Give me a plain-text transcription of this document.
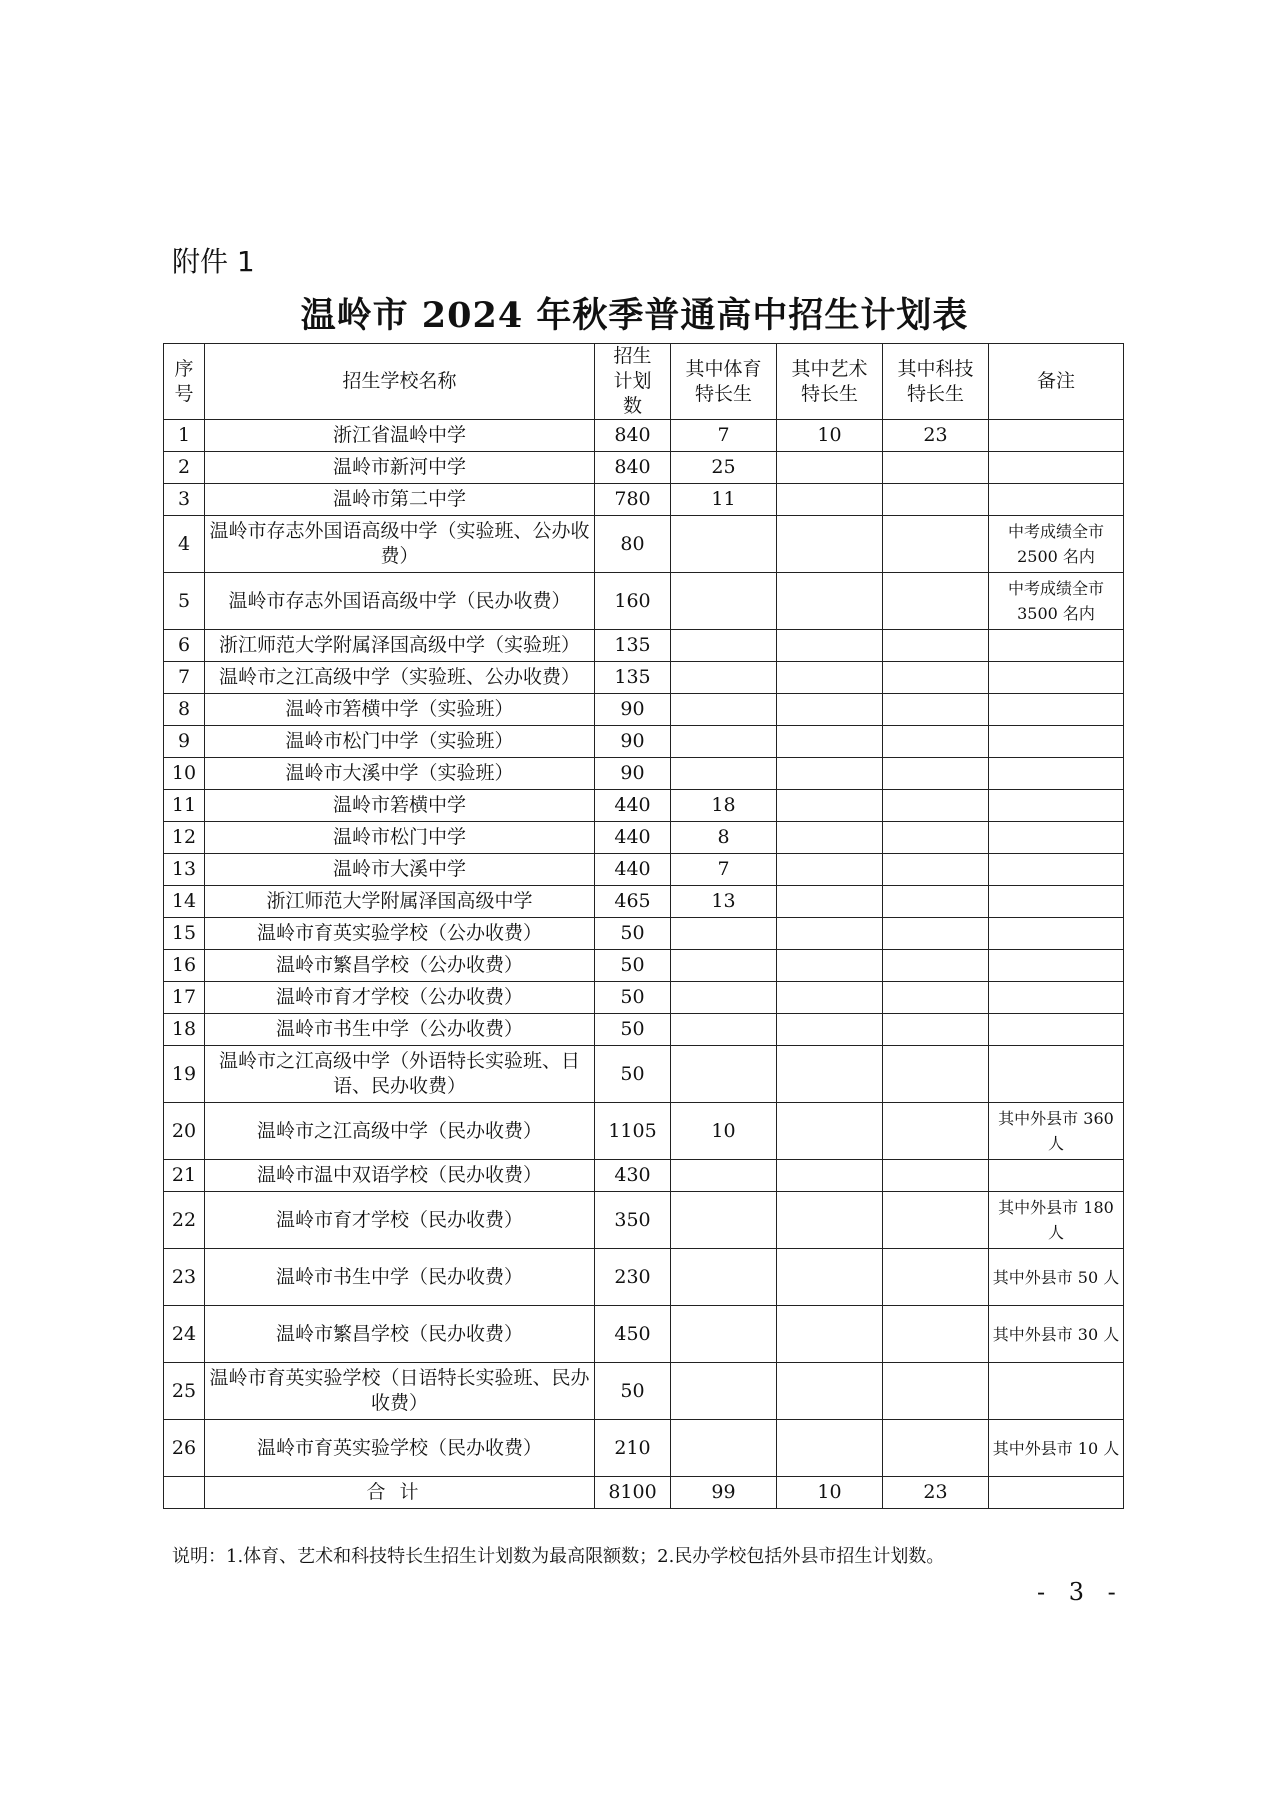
附件 1
温岭市 2024 年秋季普通高中招生计划表
序号	招生学校名称	招生计划数	其中体育特长生	其中艺术特长生	其中科技特长生	备注
1	浙江省温岭中学	840	7	10	23	
2	温岭市新河中学	840	25			
3	温岭市第二中学	780	11			
4	温岭市存志外国语高级中学（实验班、公办收费）	80				中考成绩全市 2500 名内
5	温岭市存志外国语高级中学（民办收费）	160				中考成绩全市 3500 名内
6	浙江师范大学附属泽国高级中学（实验班）	135				
7	温岭市之江高级中学（实验班、公办收费）	135				
8	温岭市箬横中学（实验班）	90				
9	温岭市松门中学（实验班）	90				
10	温岭市大溪中学（实验班）	90				
11	温岭市箬横中学	440	18			
12	温岭市松门中学	440	8			
13	温岭市大溪中学	440	7			
14	浙江师范大学附属泽国高级中学	465	13			
15	温岭市育英实验学校（公办收费）	50				
16	温岭市繁昌学校（公办收费）	50				
17	温岭市育才学校（公办收费）	50				
18	温岭市书生中学（公办收费）	50				
19	温岭市之江高级中学（外语特长实验班、日语、民办收费）	50				
20	温岭市之江高级中学（民办收费）	1105	10			其中外县市 360 人
21	温岭市温中双语学校（民办收费）	430				
22	温岭市育才学校（民办收费）	350				其中外县市 180 人
23	温岭市书生中学（民办收费）	230				其中外县市 50 人
24	温岭市繁昌学校（民办收费）	450				其中外县市 30 人
25	温岭市育英实验学校（日语特长实验班、民办收费）	50				
26	温岭市育英实验学校（民办收费）	210				其中外县市 10 人
	合计	8100	99	10	23	
说明：1.体育、艺术和科技特长生招生计划数为最高限额数；2.民办学校包括外县市招生计划数。
- 3 -
